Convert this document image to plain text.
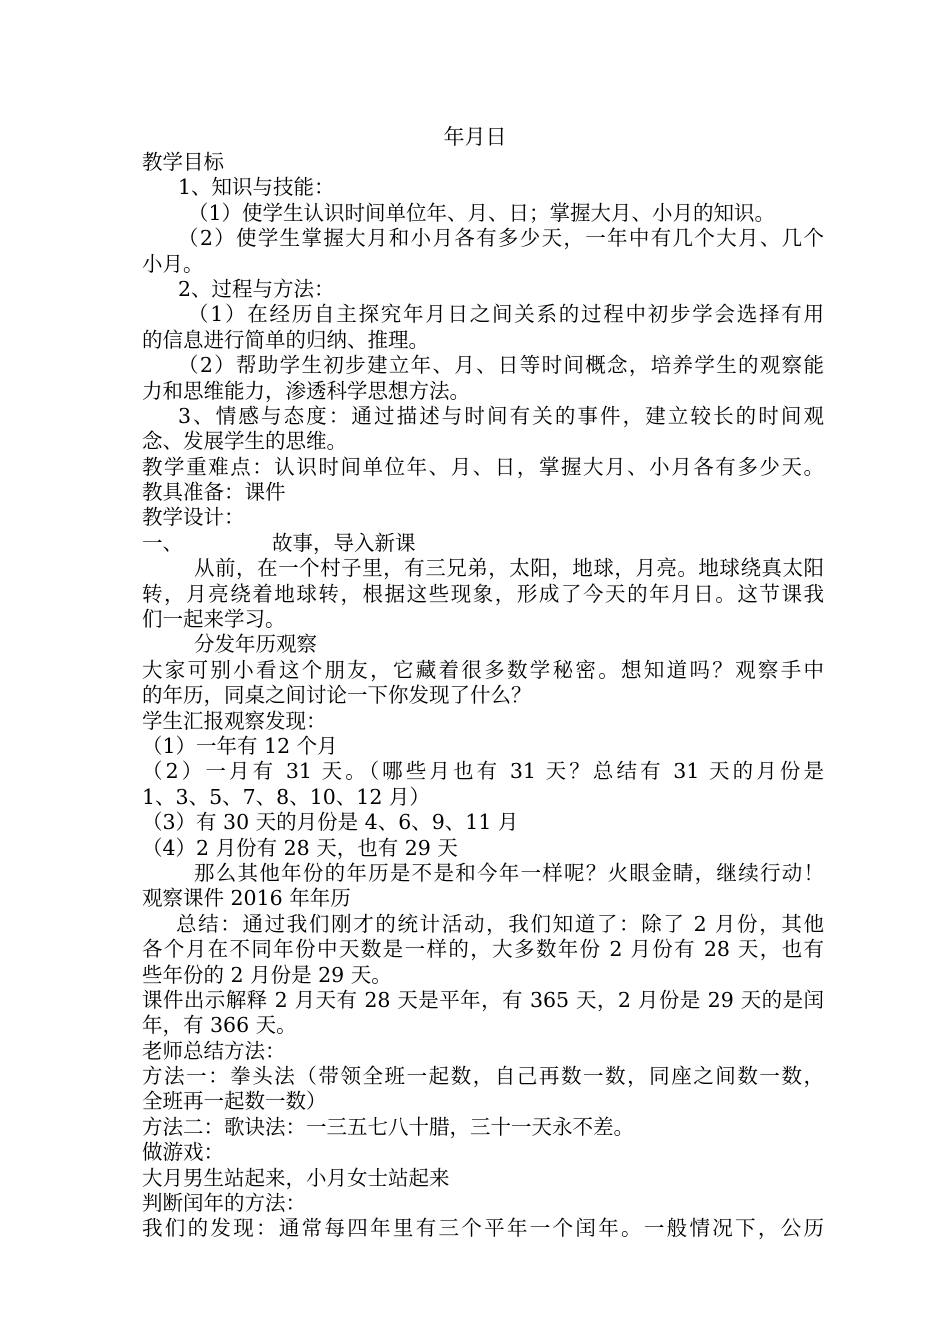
年月日
教学目标
1、知识与技能：
（1）使学生认识时间单位年、月、日；掌握大月、小月的知识。
（2）使学生掌握大月和小月各有多少天，一年中有几个大月、几个
小月。
2、过程与方法：
（1）在经历自主探究年月日之间关系的过程中初步学会选择有用
的信息进行简单的归纳、推理。
（2）帮助学生初步建立年、月、日等时间概念，培养学生的观察能
力和思维能力，渗透科学思想方法。
3、情感与态度：通过描述与时间有关的事件，建立较长的时间观
念、发展学生的思维。
教学重难点：认识时间单位年、月、日，掌握大月、小月各有多少天。
教具准备：课件
教学设计：
一、	故事，导入新课
从前，在一个村子里，有三兄弟，太阳，地球，月亮。地球绕真太阳
转，月亮绕着地球转，根据这些现象，形成了今天的年月日。这节课我
们一起来学习。
分发年历观察
大家可别小看这个朋友，它藏着很多数学秘密。想知道吗？观察手中
的年历，同桌之间讨论一下你发现了什么？
学生汇报观察发现：
（1）一年有 12 个月
（2）一月有 31 天。（哪些月也有 31 天？总结有 31 天的月份是
1、3、5、7、8、10、12 月）
（3）有 30 天的月份是 4、6、9、11 月
（4）2 月份有 28 天，也有 29 天
那么其他年份的年历是不是和今年一样呢？火眼金睛，继续行动！
观察课件 2016 年年历
总结：通过我们刚才的统计活动，我们知道了：除了 2 月份，其他
各个月在不同年份中天数是一样的，大多数年份 2 月份有 28 天，也有
些年份的 2 月份是 29 天。
课件出示解释 2 月天有 28 天是平年，有 365 天，2 月份是 29 天的是闰
年，有 366 天。
老师总结方法：
方法一：拳头法（带领全班一起数，自己再数一数，同座之间数一数，
全班再一起数一数）
方法二：歌诀法：一三五七八十腊，三十一天永不差。
做游戏：
大月男生站起来，小月女士站起来
判断闰年的方法：
我们的发现：通常每四年里有三个平年一个闰年。一般情况下，公历
